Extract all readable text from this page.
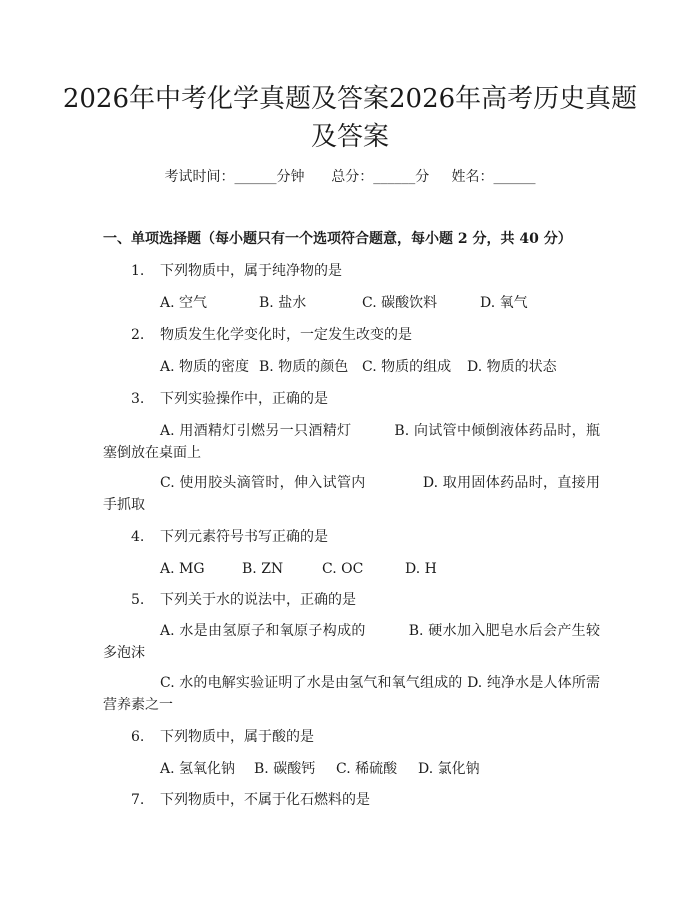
2026年中考化学真题及答案2026年高考历史真题及答案
考试时间：______分钟 总分：______分 姓名：______
一、单项选择题（每小题只有一个选项符合题意，每小题 2 分，共 40 分）
1. 下列物质中，属于纯净物的是
A. 空气	B. 盐水	C. 碳酸饮料	D. 氧气
2. 物质发生化学变化时，一定发生改变的是
A. 物质的密度 B. 物质的颜色 C. 物质的组成 D. 物质的状态
3. 下列实验操作中，正确的是
A. 用酒精灯引燃另一只酒精灯　　　B. 向试管中倾倒液体药品时，瓶塞倒放在桌面上
C. 使用胶头滴管时，伸入试管内　　　　D. 取用固体药品时，直接用手抓取
4. 下列元素符号书写正确的是
A. MG	B. ZN	C. OC	D. H
5. 下列关于水的说法中，正确的是
A. 水是由氢原子和氧原子构成的　　　B. 硬水加入肥皂水后会产生较多泡沫
C. 水的电解实验证明了水是由氢气和氧气组成的 D. 纯净水是人体所需营养素之一
6. 下列物质中，属于酸的是
A. 氢氧化钠 B. 碳酸钙 C. 稀硫酸 D. 氯化钠
7. 下列物质中，不属于化石燃料的是
